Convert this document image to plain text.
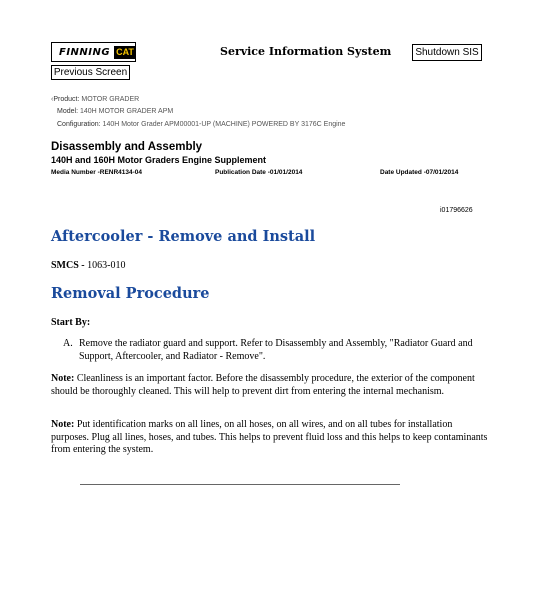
FINNING CAT
Previous Screen
Service Information System	Shutdown SIS
‹Product: MOTOR GRADER
Model: 140H MOTOR GRADER APM
Configuration: 140H Motor Grader APM00001-UP (MACHINE) POWERED BY 3176C Engine
Disassembly and Assembly
140H and 160H Motor Graders Engine Supplement
Media Number -RENR4134-04	Publication Date -01/01/2014	Date Updated -07/01/2014
i01796626
Aftercooler - Remove and Install
SMCS - 1063-010
Removal Procedure
Start By:
A. Remove the radiator guard and support. Refer to Disassembly and Assembly, "Radiator Guard and Support, Aftercooler, and Radiator - Remove".
Note: Cleanliness is an important factor. Before the disassembly procedure, the exterior of the component should be thoroughly cleaned. This will help to prevent dirt from entering the internal mechanism.
Note: Put identification marks on all lines, on all hoses, on all wires, and on all tubes for installation purposes. Plug all lines, hoses, and tubes. This helps to prevent fluid loss and this helps to keep contaminants from entering the system.
